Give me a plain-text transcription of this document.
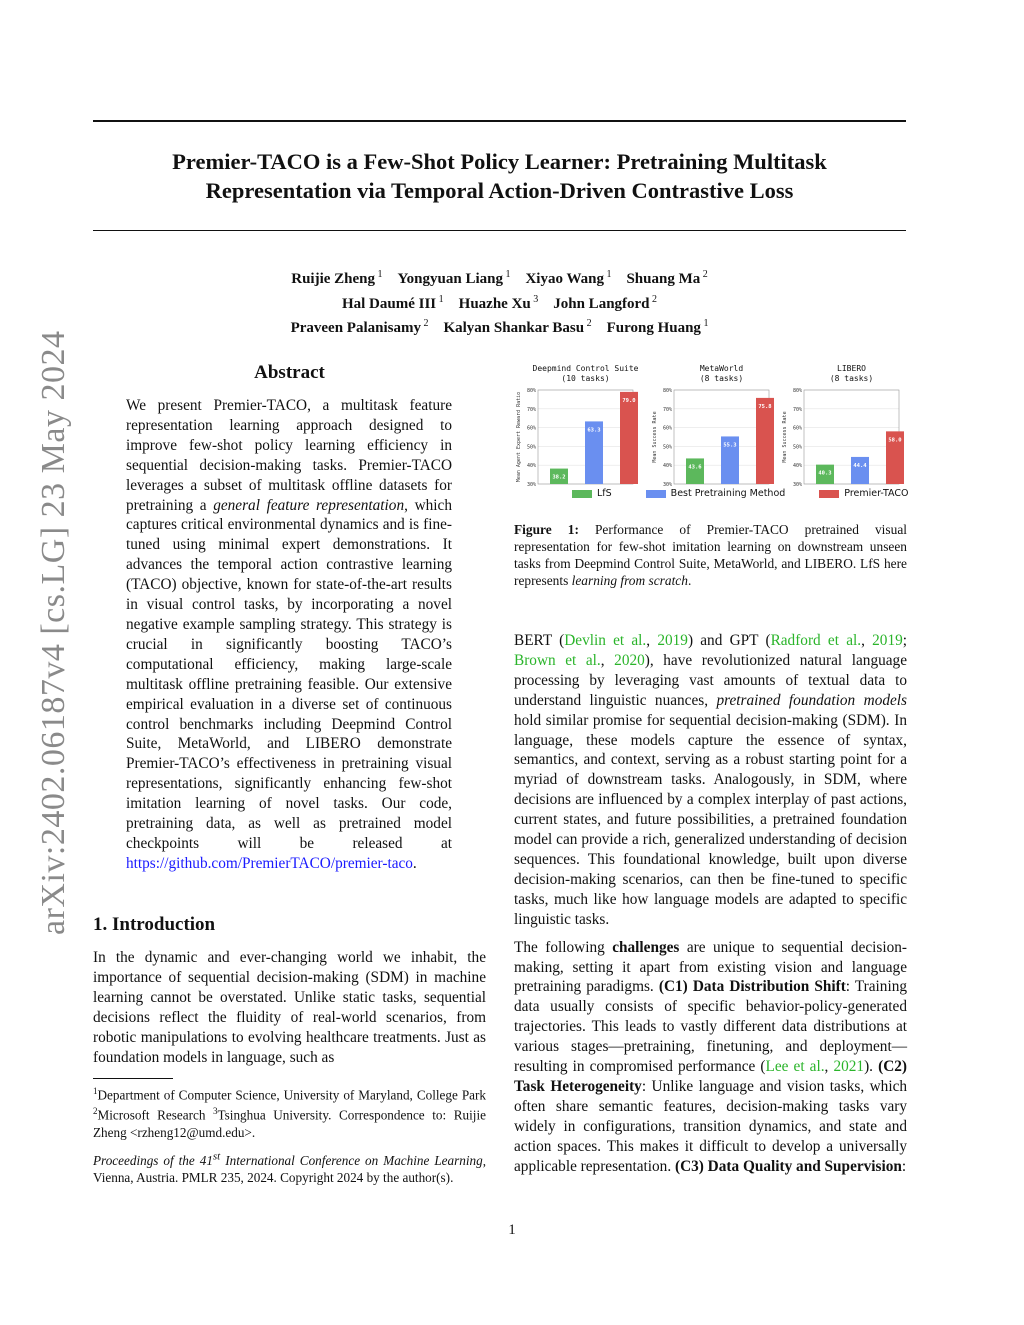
Premier-TACO is a Few-Shot Policy Learner: Pretraining Multitask
Representation via Temporal Action-Driven Contrastive Loss
Ruijie Zheng $^1$   Yongyuan Liang $^1$   Xiyao Wang $^1$   Shuang Ma $^2$
Hal Daumé III $^1$   Huazhe Xu $^3$   John Langford $^2$
Praveen Palanisamy $^2$   Kalyan Shankar Basu $^2$   Furong Huang $^1$
arXiv:2402.06187v4 [cs.LG] 23 May 2024	Abstract
We present Premier-TACO, a multitask feature representation learning approach designed to improve few-shot policy learning efficiency in sequential decision-making tasks. Premier-TACO leverages a subset of multitask offline datasets for pretraining a general feature representation, which captures critical environmental dynamics and is fine-tuned using minimal expert demonstrations. It advances the temporal action contrastive learning (TACO) objective, known for state-of-the-art results in visual control tasks, by incorporating a novel negative example sampling strategy. This strategy is crucial in significantly boosting TACO’s computational efficiency, making large-scale multitask offline pretraining feasible. Our extensive empirical evaluation in a diverse set of continuous control benchmarks including Deepmind Control Suite, MetaWorld, and LIBERO demonstrate Premier-TACO’s effectiveness in pretraining visual representations, significantly enhancing few-shot imitation learning of novel tasks. Our code, pretraining data, as well as pretrained model checkpoints will be released at https://github.com/PremierTACO/premier-taco.
1. Introduction
In the dynamic and ever-changing world we inhabit, the importance of sequential decision-making (SDM) in machine learning cannot be overstated. Unlike static tasks, sequential decisions reflect the fluidity of real-world scenarios, from robotic manipulations to evolving healthcare treatments. Just as foundation models in language, such as
$^1$Department of Computer Science, University of Maryland, College Park $^2$Microsoft Research $^3$Tsinghua University. Correspondence to: Ruijie Zheng <rzheng12@umd.edu>.
Proceedings of the 41st International Conference on Machine Learning, Vienna, Austria. PMLR 235, 2024. Copyright 2024 by the author(s).
Deepmind Control Suite
(10 tasks)
30%
40%
50%
60%
70%
80%
Mean Agent Expert Reward Ratio	38.2
63.3
79.0
MetaWorld
(8 tasks)
30%
40%
50%
60%
70%
80%
Mean Success Rate
43.6
55.3
75.8
LIBERO
(8 tasks)
30%
40%
50%
60%
70%
80%
Mean Success Rate
40.3
44.4
58.0
LfS	Best Pretraining Method	Premier-TACO
Figure 1: Performance of Premier-TACO pretrained visual representation for few-shot imitation learning on downstream unseen tasks from Deepmind Control Suite, MetaWorld, and LIBERO. LfS here represents learning from scratch.

BERT (Devlin et al., 2019) and GPT (Radford et al., 2019; Brown et al., 2020), have revolutionized natural language processing by leveraging vast amounts of textual data to understand linguistic nuances, pretrained foundation models hold similar promise for sequential decision-making (SDM). In language, these models capture the essence of syntax, semantics, and context, serving as a robust starting point for a myriad of downstream tasks. Analogously, in SDM, where decisions are influenced by a complex interplay of past actions, current states, and future possibilities, a pretrained foundation model can provide a rich, generalized understanding of decision sequences. This foundational knowledge, built upon diverse decision-making scenarios, can then be fine-tuned to specific tasks, much like how language models are adapted to specific linguistic tasks.

The following challenges are unique to sequential decision-making, setting it apart from existing vision and language pretraining paradigms. (C1) Data Distribution Shift: Training data usually consists of specific behavior-policy-generated trajectories. This leads to vastly different data distributions at various stages—pretraining, finetuning, and deployment—resulting in compromised performance (Lee et al., 2021). (C2) Task Heterogeneity: Unlike language and vision tasks, which often share semantic features, decision-making tasks vary widely in configurations, transition dynamics, and state and action spaces. This makes it difficult to develop a universally applicable representation. (C3) Data Quality and Supervision:

1
